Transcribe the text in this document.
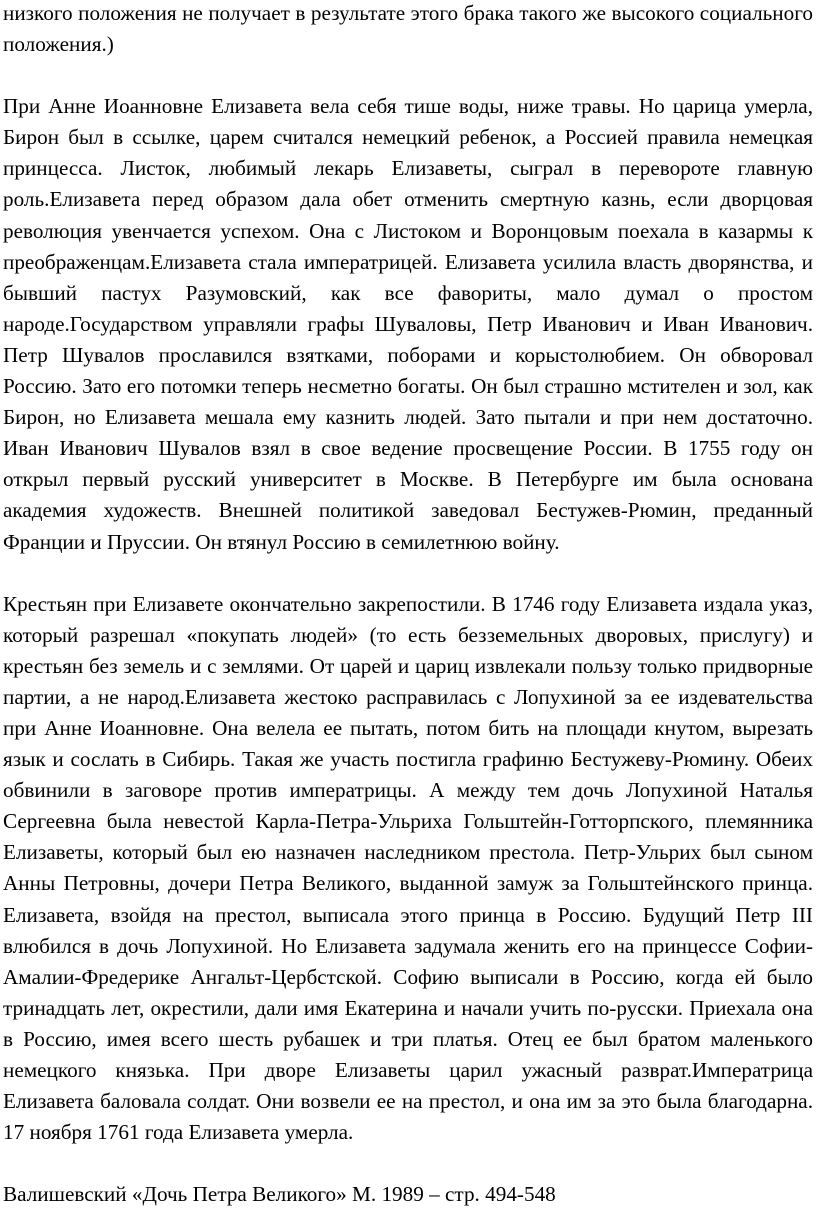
низкого положения не получает в результате этого брака такого же высокого социального положения.)

При Анне Иоанновне Елизавета вела себя тише воды, ниже травы. Но царица умерла, Бирон был в ссылке, царем считался немецкий ребенок, а Россией правила немецкая принцесса. Листок, любимый лекарь Елизаветы, сыграл в перевороте главную роль.Елизавета перед образом дала обет отменить смертную казнь, если дворцовая революция увенчается успехом. Она с Листоком и Воронцовым поехала в казармы к преображенцам.Елизавета стала императрицей. Елизавета усилила власть дворянства, и бывший пастух Разумовский, как все фавориты, мало думал о простом народе.Государством управляли графы Шуваловы, Петр Иванович и Иван Иванович. Петр Шувалов прославился взятками, поборами и корыстолюбием. Он обворовал Россию. Зато его потомки теперь несметно богаты. Он был страшно мстителен и зол, как Бирон, но Елизавета мешала ему казнить людей. Зато пытали и при нем достаточно. Иван Иванович Шувалов взял в свое ведение просвещение России. В 1755 году он открыл первый русский университет в Москве. В Петербурге им была основана академия художеств. Внешней политикой заведовал Бестужев-Рюмин, преданный Франции и Пруссии. Он втянул Россию в семилетнюю войну.

Крестьян при Елизавете окончательно закрепостили. В 1746 году Елизавета издала указ, который разрешал «покупать людей» (то есть безземельных дворовых, прислугу) и крестьян без земель и с землями. От царей и цариц извлекали пользу только придворные партии, а не народ.Елизавета жестоко расправилась с Лопухиной за ее издевательства при Анне Иоанновне. Она велела ее пытать, потом бить на площади кнутом, вырезать язык и сослать в Сибирь. Такая же участь постигла графиню Бестужеву-Рюмину. Обеих обвинили в заговоре против императрицы. А между тем дочь Лопухиной Наталья Сергеевна была невестой Карла-Петра-Ульриха Гольштейн-Готторпского, племянника Елизаветы, который был ею назначен наследником престола. Петр-Ульрих был сыном Анны Петровны, дочери Петра Великого, выданной замуж за Гольштейнского принца. Елизавета, взойдя на престол, выписала этого принца в Россию. Будущий Петр III влюбился в дочь Лопухиной. Но Елизавета задумала женить его на принцессе Софии-Амалии-Фредерике Ангальт-Цербстской. Софию выписали в Россию, когда ей было тринадцать лет, окрестили, дали имя Екатерина и начали учить по-русски. Приехала она в Россию, имея всего шесть рубашек и три платья. Отец ее был братом маленького немецкого князька. При дворе Елизаветы царил ужасный разврат.Императрица Елизавета баловала солдат. Они возвели ее на престол, и она им за это была благодарна. 17 ноября 1761 года Елизавета умерла.

Валишевский «Дочь Петра Великого» М. 1989 – стр. 494-548
